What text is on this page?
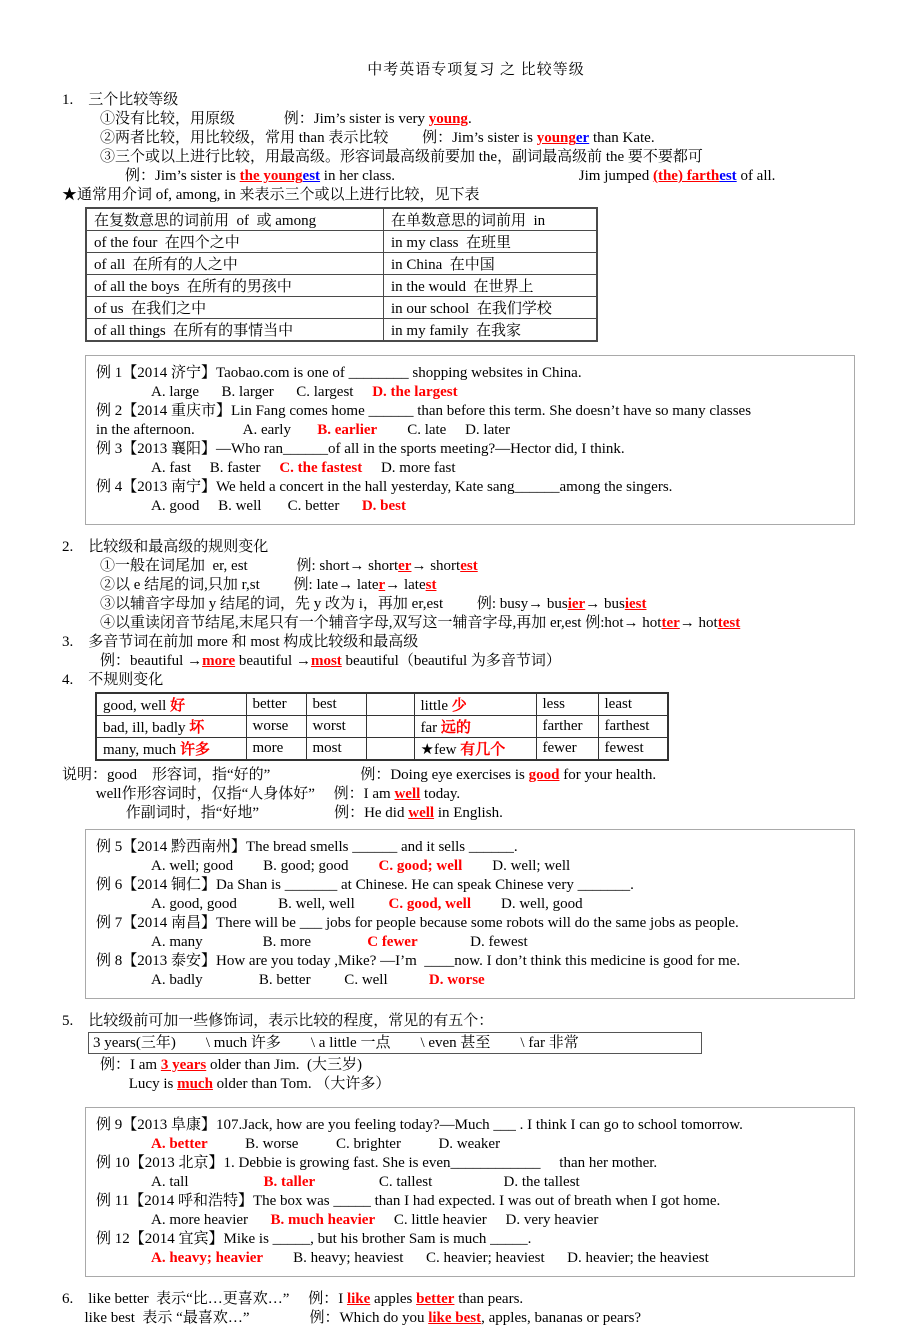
中考英语专项复习 之 比较等级
1.    三个比较等级
①没有比较，用原级　　　 例：Jim’s sister is very young.
②两者比较，用比较级，常用 than 表示比较　　 例：Jim’s sister is younger than Kate.
③三个或以上进行比较，用最高级。形容词最高级前要加 the，副词最高级前 the 要不要都可
例：Jim’s sister is the youngest in her class.　　　　　　　　　　　　 Jim jumped (the) farthest of all.
★通常用介词 of, among, in 来表示三个或以上进行比较，见下表
在复数意思的词前用  of  或 among	在单数意思的词前用  in
of the four  在四个之中	in my class  在班里
of all  在所有的人之中	in China  在中国
of all the boys  在所有的男孩中	in the would  在世界上
of us  在我们之中	in our school  在我们学校
of all things  在所有的事情当中	in my family  在我家
例 1【2014 济宁】Taobao.com is one of ________ shopping websites in China.
A. large      B. larger      C. largest     D. the largest
例 2【2014 重庆市】Lin Fang comes home ______ than before this term. She doesn’t have so many classes
in the afternoon.             A. early       B. earlier        C. late     D. later
例 3【2013 襄阳】—Who ran______of all in the sports meeting?—Hector did, I think.
A. fast     B. faster     C. the fastest     D. more fast
例 4【2013 南宁】We held a concert in the hall yesterday, Kate sang______among the singers.
A. good     B. well       C. better      D. best
2.    比较级和最高级的规则变化
①一般在词尾加  er, est　　　 例: short→ shorter→ shortest
②以 e 结尾的词,只加 r,st　　 例: late→ later→ latest
③以辅音字母加 y 结尾的词，先 y 改为 i，再加 er,est　　 例: busy→ busier→ busiest
④以重读闭音节结尾,末尾只有一个辅音字母,双写这一辅音字母,再加 er,est 例:hot→ hotter→ hottest
3.    多音节词在前加 more 和 most 构成比较级和最高级
例：beautiful →more beautiful →most beautiful（beautiful 为多音节词）
4.    不规则变化
good, well 好	better	best		little 少	less	least
bad, ill, badly 坏	worse	worst		far 远的	farther	farthest
many, much 许多	more	most		★few 有几个	fewer	fewest
说明：good　形容词，指“好的”　　　　　　例：Doing eye exercises is good for your health.
　　 well作形容词时，仅指“人身体好”　 例：I am well today.
　　　　 作副词时，指“好地”　　　　　例：He did well in English.
例 5【2014 黔西南州】The bread smells ______ and it sells ______.
A. well; good        B. good; good        C. good; well        D. well; well
例 6【2014 铜仁】Da Shan is _______ at Chinese. He can speak Chinese very _______.
A. good, good           B. well, well         C. good, well        D. well, good
例 7【2014 南昌】There will be ___ jobs for people because some robots will do the same jobs as people.
A. many                B. more               C fewer              D. fewest
例 8【2013 泰安】How are you today ,Mike? —I’m  ____now. I don’t think this medicine is good for me.
A. badly               B. better         C. well           D. worse
5.    比较级前可加一些修饰词，表示比较的程度，常见的有五个：
3 years(三年)        \ much 许多        \ a little 一点        \ even 甚至        \ far 非常
例：I am 3 years older than Jim.  (大三岁)
Lucy is much older than Tom. （大许多）
例 9【2013 阜康】107.Jack, how are you feeling today?—Much ___ . I think I can go to school tomorrow.
A. better          B. worse          C. brighter          D. weaker
例 10【2013 北京】1. Debbie is growing fast. She is even____________　 than her mother.
A. tall                    B. taller                 C. tallest                   D. the tallest
例 11【2014 呼和浩特】The box was _____ than I had expected. I was out of breath when I got home.
A. more heavier      B. much heavier     C. little heavier     D. very heavier
例 12【2014 宜宾】Mike is _____, but his brother Sam is much _____.
A. heavy; heavier        B. heavy; heaviest      C. heavier; heaviest      D. heavier; the heaviest
6.    like better  表示“比…更喜欢…”　 例：I like apples better than pears.
like best  表示 “最喜欢…”　　　　例：Which do you like best, apples, bananas or pears?
